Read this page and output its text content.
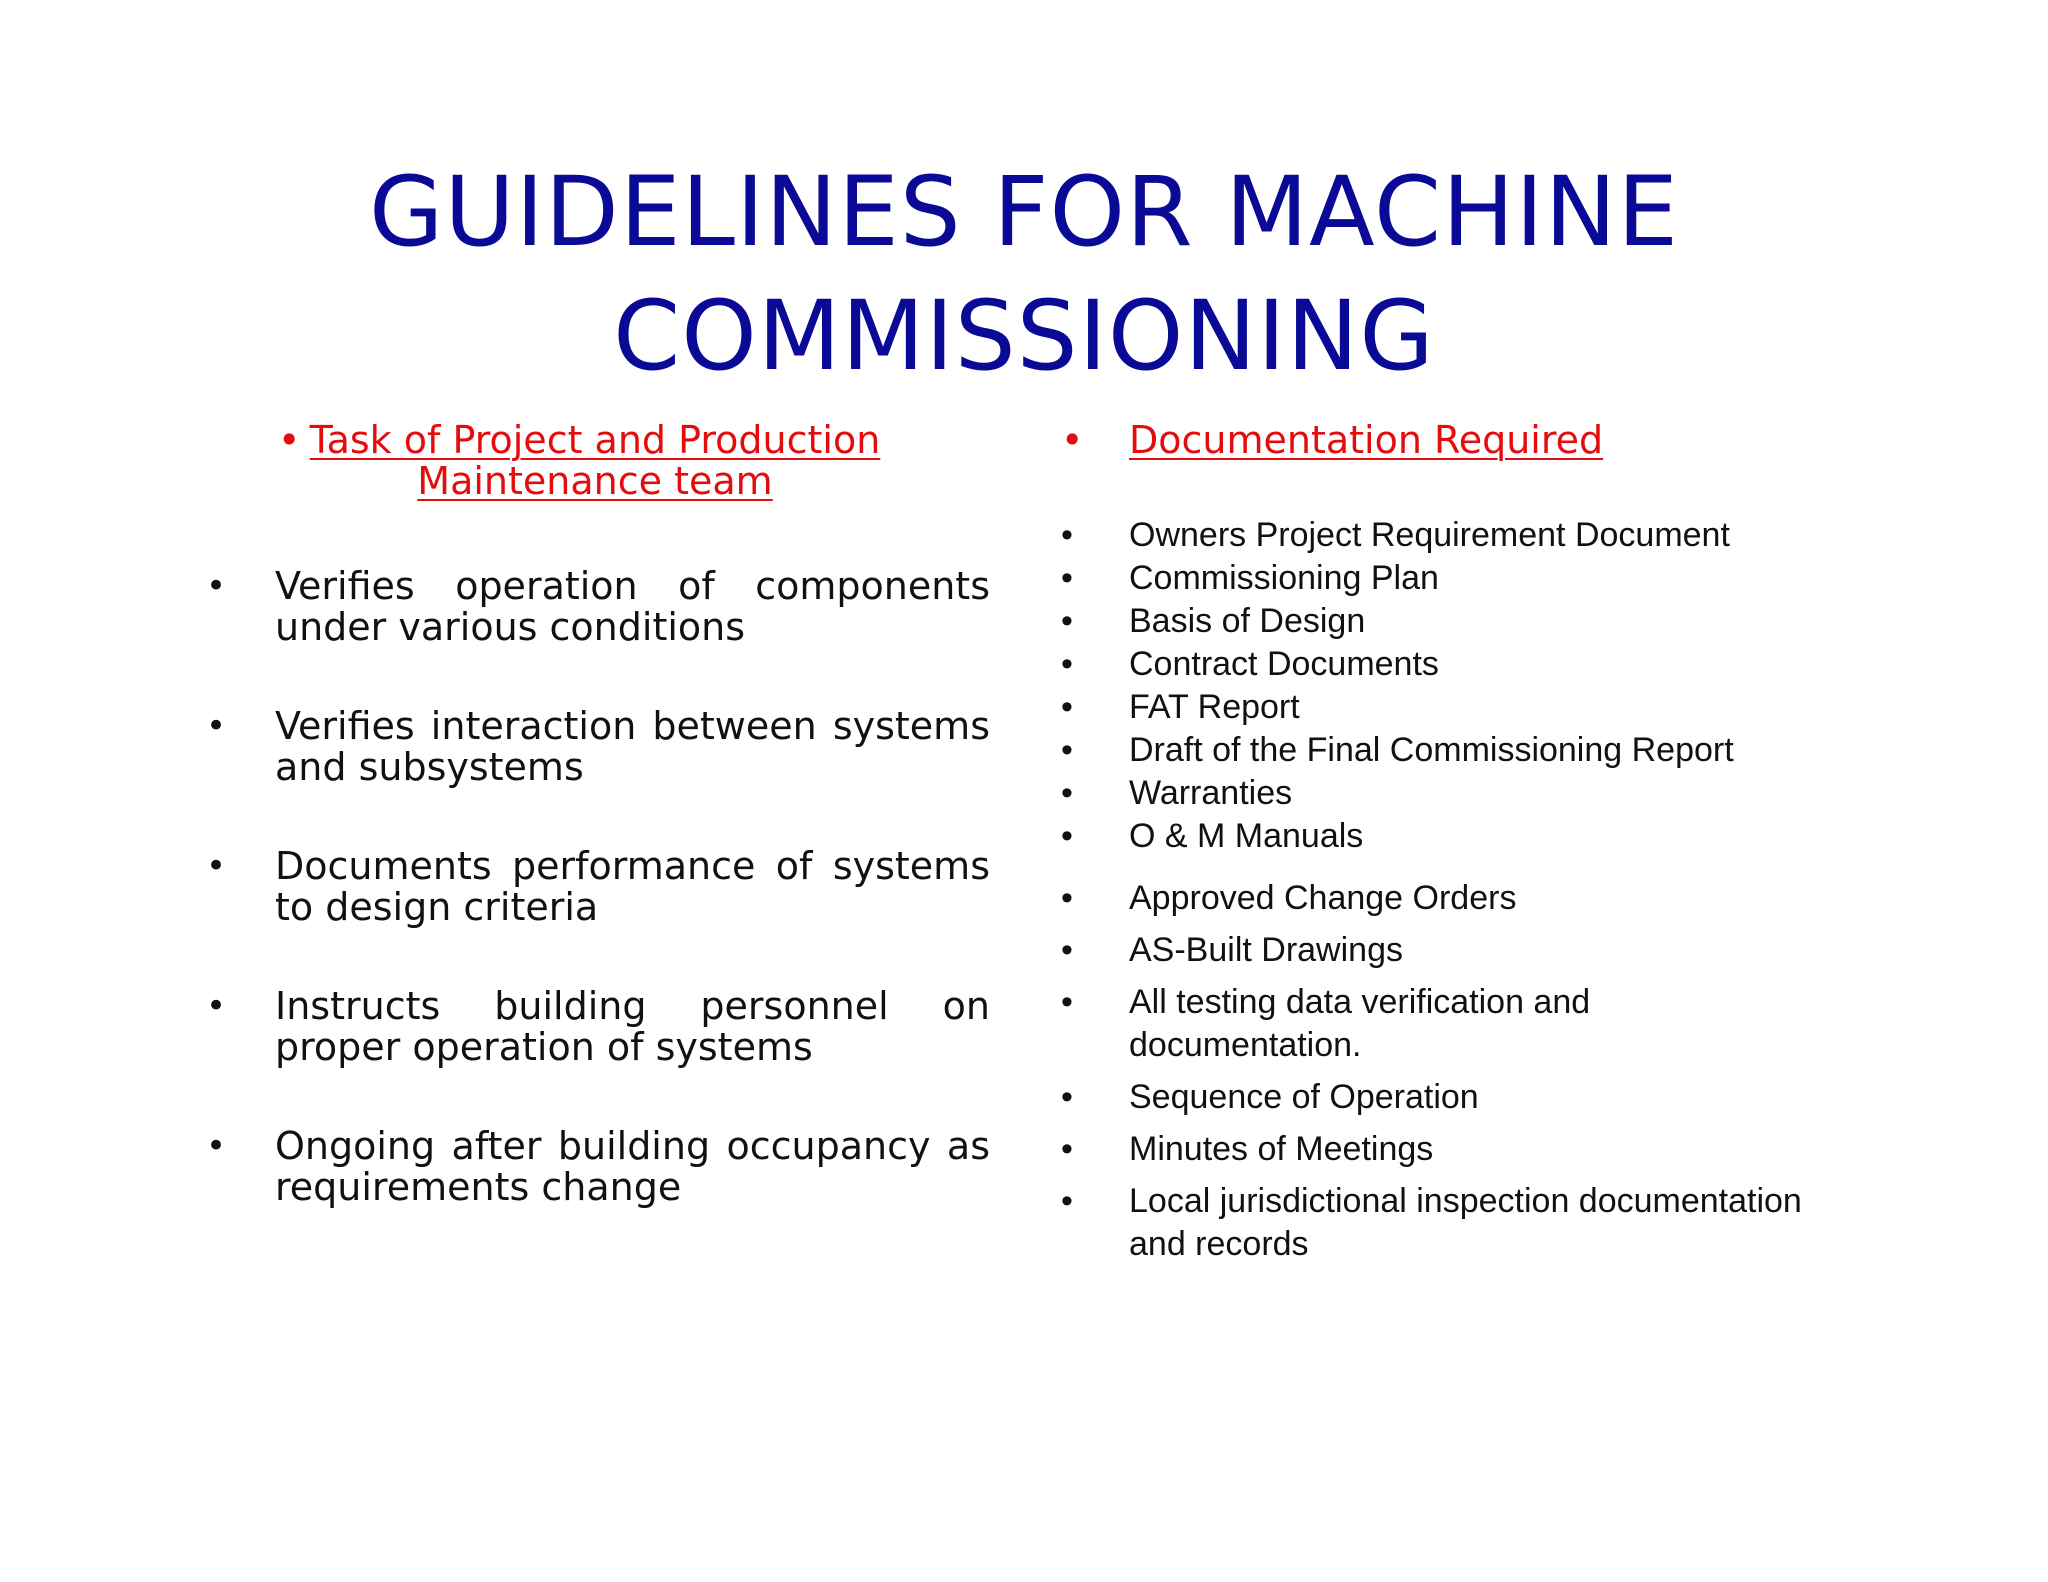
GUIDELINES FOR MACHINE
COMMISSIONING
• Task of Project and Production
Maintenance team
• Verifies operation of components under various conditions
• Verifies interaction between systems and subsystems
• Documents performance of systems to design criteria
• Instructs building personnel on proper operation of systems
• Ongoing after building occupancy as requirements change
• Documentation Required
• Owners Project Requirement Document
• Commissioning Plan
• Basis of Design
• Contract Documents
• FAT Report
• Draft of the Final Commissioning Report
• Warranties
• O & M Manuals
• Approved Change Orders
• AS-Built Drawings
• All testing data verification and documentation.
• Sequence of Operation
• Minutes of Meetings
• Local jurisdictional inspection documentation and records
